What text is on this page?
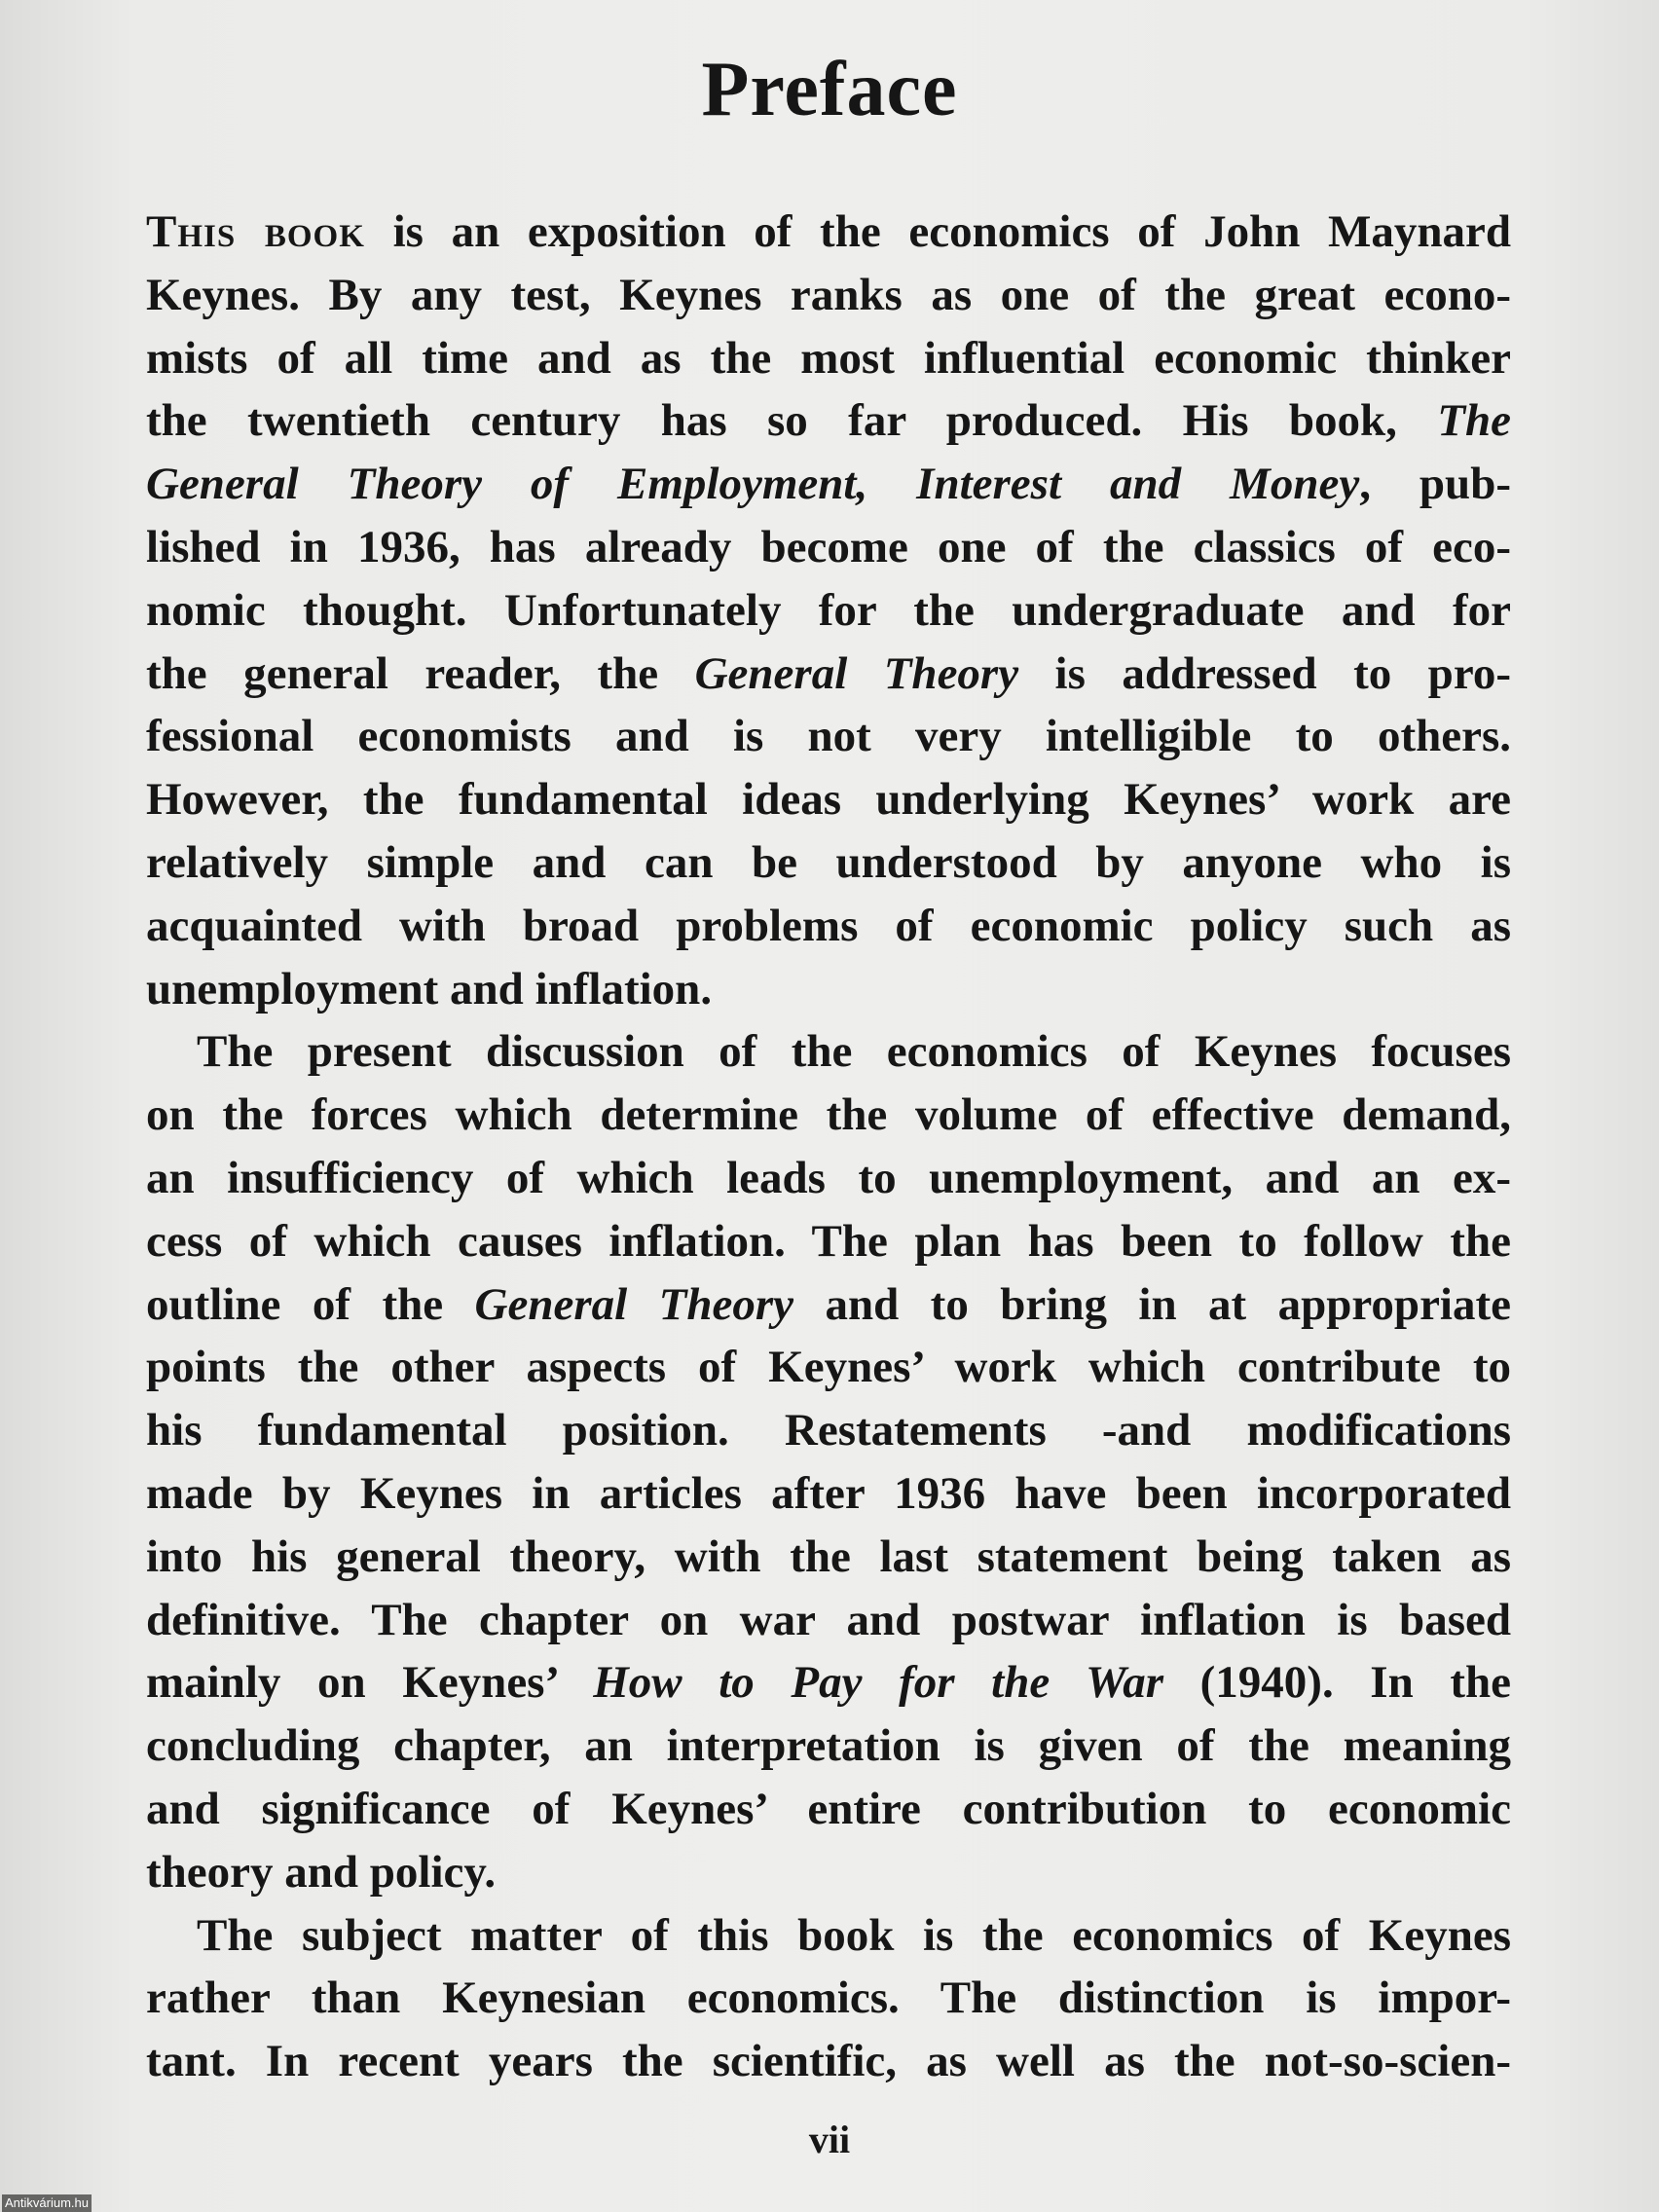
Preface
This book is an exposition of the economics of John Maynard
Keynes. By any test, Keynes ranks as one of the great econo-
mists of all time and as the most influential economic thinker
the twentieth century has so far produced. His book, The
General Theory of Employment, Interest and Money, pub-
lished in 1936, has already become one of the classics of eco-
nomic thought. Unfortunately for the undergraduate and for
the general reader, the General Theory is addressed to pro-
fessional economists and is not very intelligible to others.
However, the fundamental ideas underlying Keynes’ work are
relatively simple and can be understood by anyone who is
acquainted with broad problems of economic policy such as
unemployment and inflation.
The present discussion of the economics of Keynes focuses
on the forces which determine the volume of effective demand,
an insufficiency of which leads to unemployment, and an ex-
cess of which causes inflation. The plan has been to follow the
outline of the General Theory and to bring in at appropriate
points the other aspects of Keynes’ work which contribute to
his fundamental position. Restatements -and modifications
made by Keynes in articles after 1936 have been incorporated
into his general theory, with the last statement being taken as
definitive. The chapter on war and postwar inflation is based
mainly on Keynes’ How to Pay for the War (1940). In the
concluding chapter, an interpretation is given of the meaning
and significance of Keynes’ entire contribution to economic
theory and policy.
The subject matter of this book is the economics of Keynes
rather than Keynesian economics. The distinction is impor-
tant. In recent years the scientific, as well as the not-so-scien-
vii
Antikvárium.hu
